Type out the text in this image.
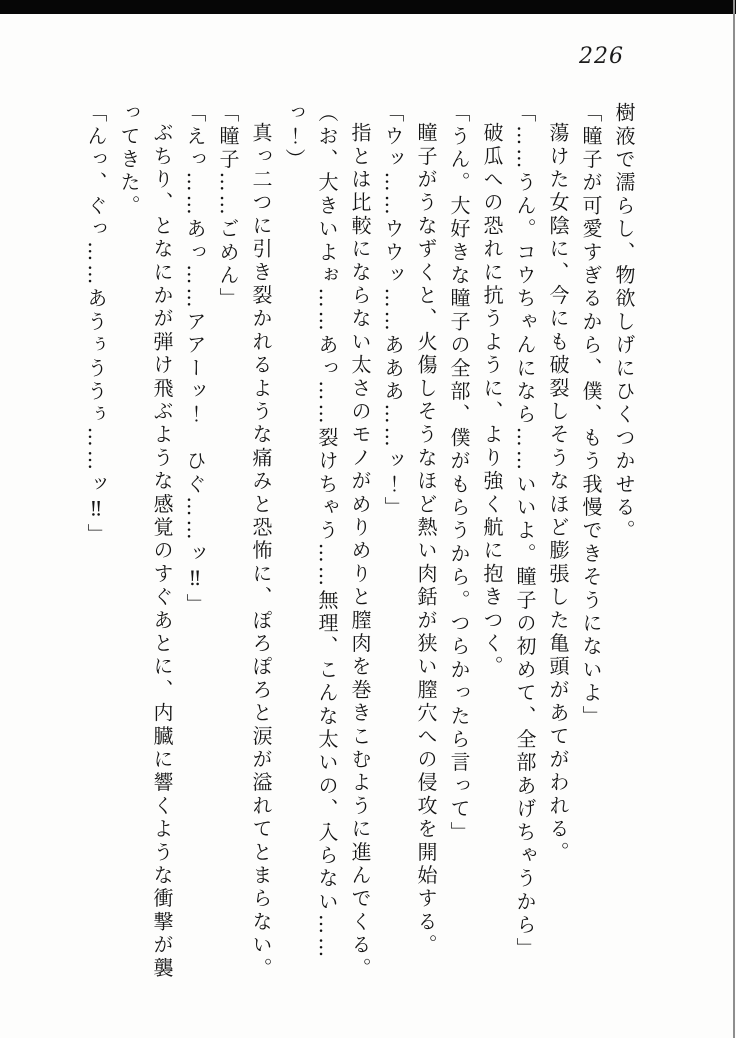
226

樹液で濡らし、物欲しげにひくつかせる。

「瞳子が可愛すぎるから、僕、もう我慢できそうにないよ」

蕩けた女陰に、今にも破裂しそうなほど膨張した亀頭があてがわれる。

「……うん。コウちゃんになら……いいよ。瞳子の初めて、全部あげちゃうから」

破瓜への恐れに抗うように、より強く航に抱きつく。

「うん。大好きな瞳子の全部、僕がもらうから。つらかったら言って」

瞳子がうなずくと、火傷しそうなほど熱い肉銛が狭い膣穴への侵攻を開始する。

「ウッ……ウウッ……あああ……ッ！」

指とは比較にならない太さのモノがめりめりと膣肉を巻きこむように進んでくる。

（お、大きいよぉ……あっ……裂けちゃう……無理、こんな太いの、入らない……っ！）

真っ二つに引き裂かれるような痛みと恐怖に、ぽろぽろと涙が溢れてとまらない。

「瞳子……ごめん」

「えっ……あっ……アアーッ！　ひぐ……ッ‼」

ぶちり、となにかが弾け飛ぶような感覚のすぐあとに、内臓に響くような衝撃が襲ってきた。

「んっ、ぐっ……あうぅううぅ……ッ‼」
